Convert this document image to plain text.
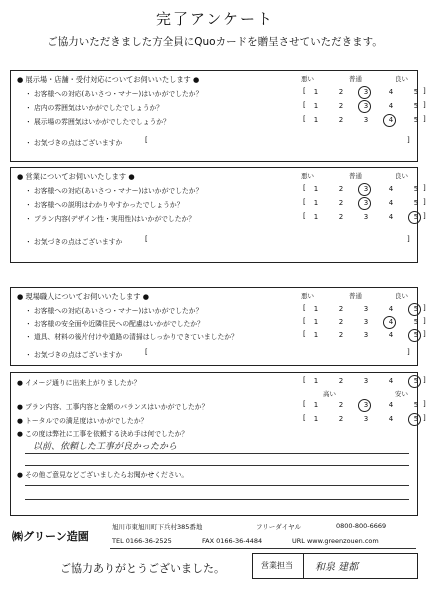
完了アンケート
ご協力いただきました方全員にQuoカードを贈呈させていただきます。
● 展示場・店舗・受付対応についてお伺いいたします ●	悪い	普通	良い
・ お客様への対応(あいさつ・マナー)はいかがでしたか？	[	1	2	3	4	5 ]
・ 店内の雰囲気はいかがでしたでしょうか？	[	1	2	3	4	5 ]
・ 展示場の雰囲気はいかがでしたでしょうか？	[	1	2	3	4	5 ]
・ お気づきの点はございますか	[	]
● 営業についてお伺いいたします ●	悪い	普通	良い
・ お客様への対応(あいさつ・マナー)はいかがでしたか？	[	1	2	3	4	5 ]
・ お客様への説明はわかりやすかったでしょうか？	[	1	2	3	4	5 ]
・ プラン内容(デザイン性・実用性)はいかがでしたか？	[	1	2	3	4	5 ]
・ お気づきの点はございますか	[	]
● 現場職人についてお伺いいたします ●	悪い	普通	良い
・ お客様への対応(あいさつ・マナー)はいかがでしたか？	[	1	2	3	4	5 ]
・ お客様の安全面や近隣住民への配慮はいかがでしたか？	[	1	2	3	4	5 ]
・ 道具、材料の後片付けや道路の清掃はしっかりできていましたか？	[	1	2	3	4	5 ]
・ お気づきの点はございますか	[	]
● イメージ通りに出来上がりましたか？	[	1	2	3	4	5 ]
高い	安い
● プラン内容、工事内容と金額のバランスはいかがでしたか？	[	1	2	3	4	5 ]
● トータルでの満足度はいかがでしたか？	[	1	2	3	4	5 ]
● この度は弊社に工事を依頼する決め手は何でしたか？
以前、依頼した工事が良かったから
● その他ご意見などございましたらお聞かせください。
㈱グリーン造園
旭川市東旭川町下兵村385番地	フリーダイヤル	0800-800-6669
TEL 0166-36-2525	FAX 0166-36-4484	URL www.greenzouen.com
ご協力ありがとうございました。	営業担当 和泉 建都
